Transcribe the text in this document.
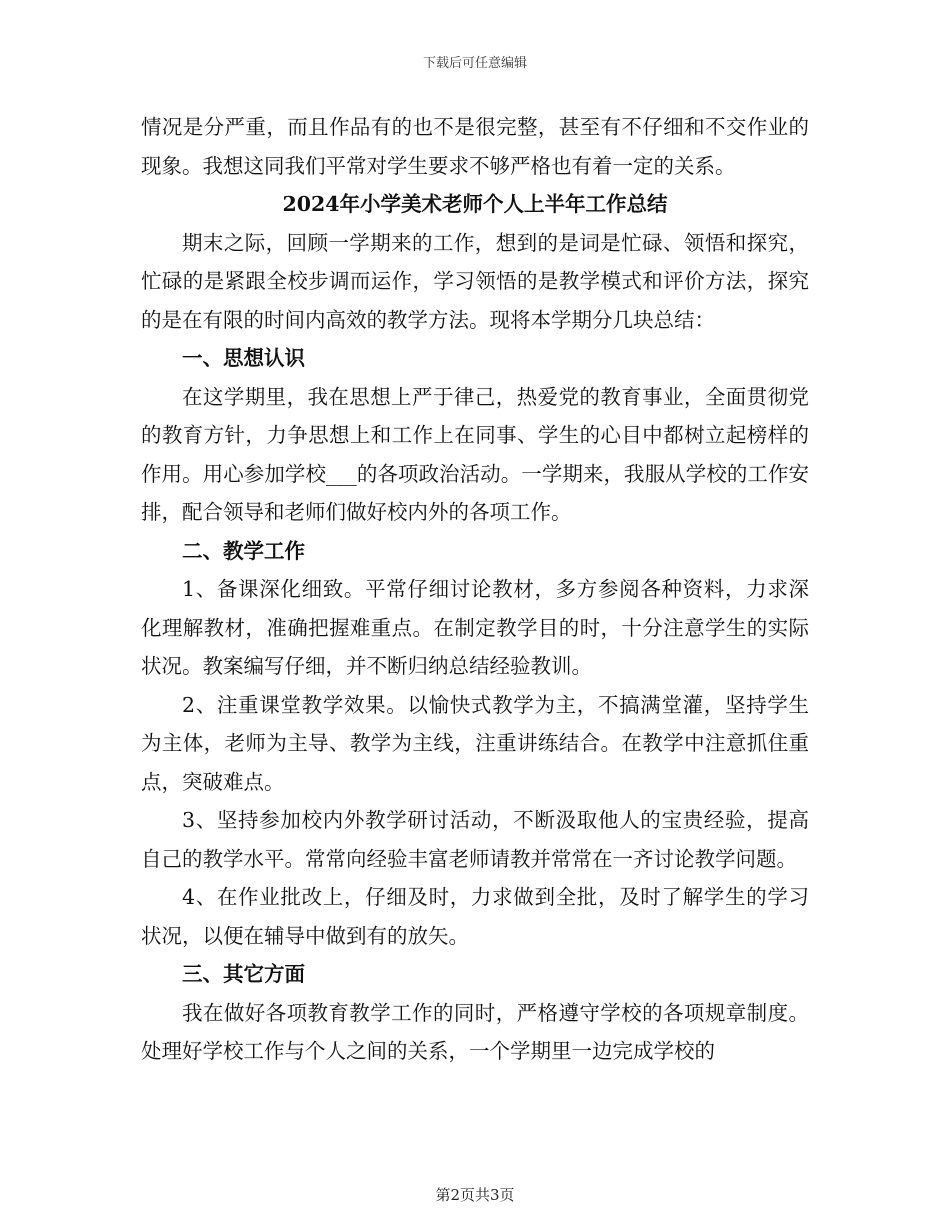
下载后可任意编辑

情况是分严重，而且作品有的也不是很完整，甚至有不仔细和不交作业的现象。我想这同我们平常对学生要求不够严格也有着一定的关系。

2024年小学美术老师个人上半年工作总结

期末之际，回顾一学期来的工作，想到的是词是忙碌、领悟和探究，忙碌的是紧跟全校步调而运作，学习领悟的是教学模式和评价方法，探究的是在有限的时间内高效的教学方法。现将本学期分几块总结：

一、思想认识

在这学期里，我在思想上严于律己，热爱党的教育事业，全面贯彻党的教育方针，力争思想上和工作上在同事、学生的心目中都树立起榜样的作用。用心参加学校___的各项政治活动。一学期来，我服从学校的工作安排，配合领导和老师们做好校内外的各项工作。

二、教学工作

1、备课深化细致。平常仔细讨论教材，多方参阅各种资料，力求深化理解教材，准确把握难重点。在制定教学目的时，十分注意学生的实际状况。教案编写仔细，并不断归纳总结经验教训。

2、注重课堂教学效果。以愉快式教学为主，不搞满堂灌，坚持学生为主体，老师为主导、教学为主线，注重讲练结合。在教学中注意抓住重点，突破难点。

3、坚持参加校内外教学研讨活动，不断汲取他人的宝贵经验，提高自己的教学水平。常常向经验丰富老师请教并常常在一齐讨论教学问题。

4、在作业批改上，仔细及时，力求做到全批，及时了解学生的学习状况，以便在辅导中做到有的放矢。

三、其它方面

我在做好各项教育教学工作的同时，严格遵守学校的各项规章制度。处理好学校工作与个人之间的关系，一个学期里一边完成学校的

第2页共3页
